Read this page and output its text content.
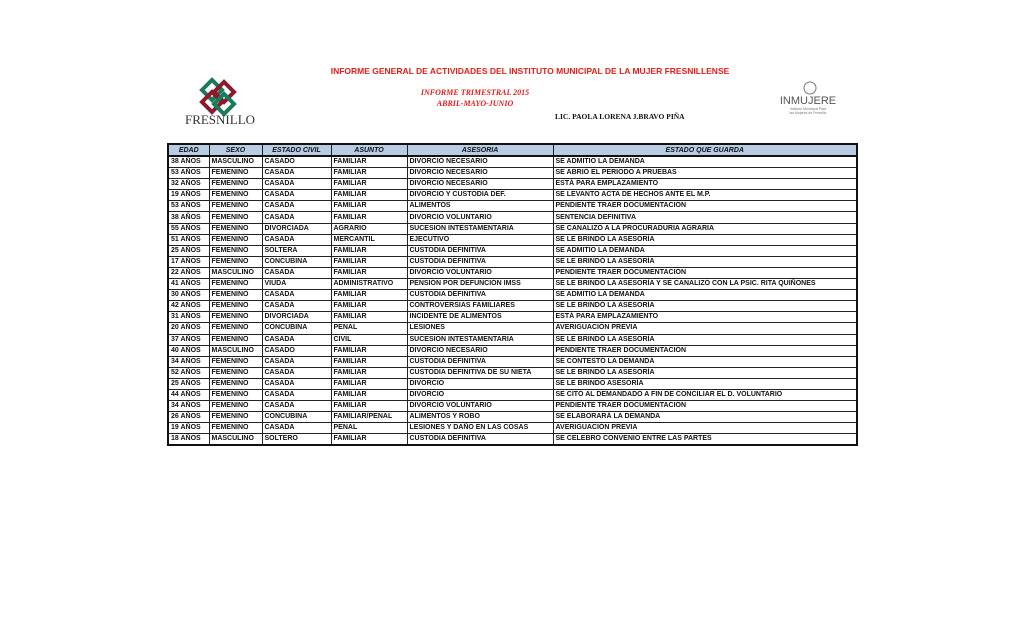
INFORME GENERAL DE ACTIVIDADES DEL INSTITUTO MUNICIPAL DE LA MUJER FRESNILLENSE
INFORME TRIMESTRAL 2015
ABRIL-MAYO-JUNIO
LIC. PAOLA LORENA J.BRAVO PIÑA
FRESNILLO
INMUJERE
Instituto Municipal Para
las Mujeres de Fresnillo
EDAD	SEXO	ESTADO CIVIL	ASUNTO	ASESORIA	ESTADO QUE GUARDA
38 AÑOS	MASCULINO	CASADO	FAMILIAR	DIVORCIO NECESARIO	SE ADMITIO LA DEMANDA
53 AÑOS	FEMENINO	CASADA	FAMILIAR	DIVORCIO NECESARIO	SE ABRIÓ EL PERIODO A PRUEBAS
32 AÑOS	FEMENINO	CASADA	FAMILIAR	DIVORCIO NECESARIO	ESTÁ PARA EMPLAZAMIENTO
19 AÑOS	FEMENINO	CASADA	FAMILIAR	DIVORCIO Y CUSTODIA DEF.	SE LEVANTO ACTA DE HECHOS ANTE EL M.P.
53 AÑOS	FEMENINO	CASADA	FAMILIAR	ALIMENTOS	PENDIENTE TRAER DOCUMENTACIÓN
38 AÑOS	FEMENINO	CASADA	FAMILIAR	DIVORCIO VOLUNTARIO	SENTENCIA DEFINITIVA
55 AÑOS	FEMENINO	DIVORCIADA	AGRARIO	SUCESION INTESTAMENTARIA	SE CANALIZÓ A LA PROCURADURIA AGRARIA
51 AÑOS	FEMENINO	CASADA	MERCANTIL	EJECUTIVO	SE LE BRINDÓ LA ASESORÍA
25 AÑOS	FEMENINO	SOLTERA	FAMILIAR	CUSTODIA DEFINITIVA	SE ADMITIO LA DEMANDA
17 AÑOS	FEMENINO	CONCUBINA	FAMILIAR	CUSTODIA DEFINITIVA	SE LE BRINDÓ LA ASESORÍA
22 AÑOS	MASCULINO	CASADA	FAMILIAR	DIVORCIO VOLUNTARIO	PENDIENTE TRAER DOCUMENTACIÓN
41 AÑOS	FEMENINO	VIUDA	ADMINISTRATIVO	PENSIÓN POR DEFUNCIÓN IMSS	SE LE BRINDÓ LA ASESORÍA Y SE CANALIZÓ CON LA PSIC. RITA QUIÑONES
30 AÑOS	FEMENINO	CASADA	FAMILIAR	CUSTODIA DEFINITIVA	SE ADMITIO LA DEMANDA
42 AÑOS	FEMENINO	CASADA	FAMILIAR	CONTROVERSIAS FAMILIARES	SE LE BRINDÓ LA ASESORÍA
31 AÑOS	FEMENINO	DIVORCIADA	FAMILIAR	INCIDENTE DE ALIMENTOS	ESTÁ PARA EMPLAZAMIENTO
20 AÑOS	FEMENINO	CONCUBINA	PENAL	LESIONES	AVERIGUACIÓN PREVIA
37 AÑOS	FEMENINO	CASADA	CIVIL	SUCESION INTESTAMENTARIA	SE LE BRINDÓ LA ASESORÍA
40 AÑOS	MASCULINO	CASADO	FAMILIAR	DIVORCIO NECESARIO	PENDIENTE TRAER DOCUMENTACIÓN
34 AÑOS	FEMENINO	CASADA	FAMILIAR	CUSTODIA DEFINITIVA	SE CONTESTÓ LA DEMANDA
52 AÑOS	FEMENINO	CASADA	FAMILIAR	CUSTODIA DEFINITIVA DE SU NIETA	SE LE BRINDÓ LA ASESORÍA
25 AÑOS	FEMENINO	CASADA	FAMILIAR	DIVORCIO	SE LE BRINDO ASESORÍA
44 AÑOS	FEMENINO	CASADA	FAMILIAR	DIVORCIO	SE CITÓ AL DEMANDADO A FIN DE CONCILIAR EL D. VOLUNTARIO
34 AÑOS	FEMENINO	CASADA	FAMILIAR	DIVORCIO VOLUNTARIO	PENDIENTE TRAER DOCUMENTACIÓN
26 AÑOS	FEMENINO	CONCUBINA	FAMILIAR/PENAL	ALIMENTOS Y ROBO	SE ELABORARÁ LA DEMANDA
19 AÑOS	FEMENINO	CASADA	PENAL	LESIONES Y DAÑO EN LAS COSAS	AVERIGUACIÓN PREVIA
18 AÑOS	MASCULINO	SOLTERO	FAMILIAR	CUSTODIA DEFINITIVA	SE CELEBRÓ CONVENIO ENTRE LAS PARTES
